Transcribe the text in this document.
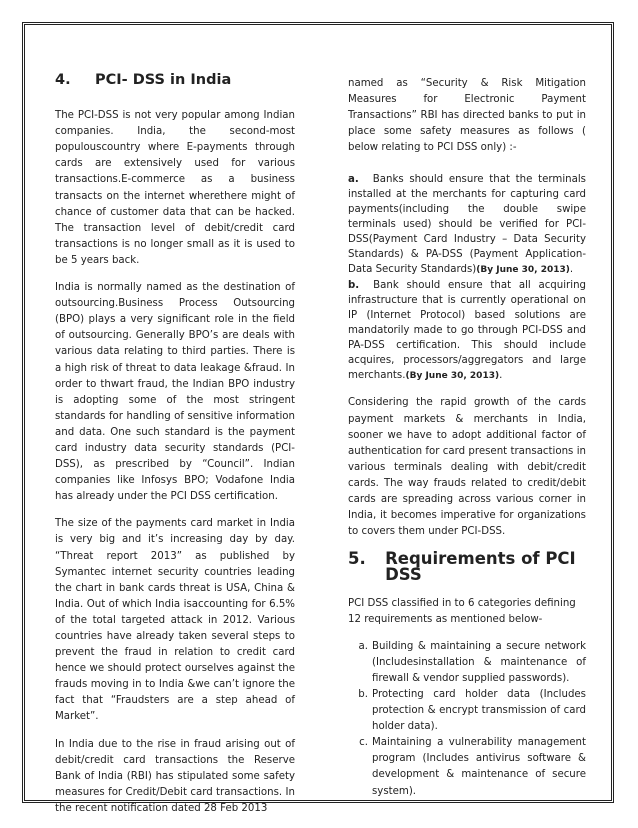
4.	PCI- DSS in India

The PCI-DSS is not very popular among Indian companies. India, the second-most populouscountry where E-payments through cards are extensively used for various transactions.E-commerce as a business transacts on the internet wherethere might of chance of customer data that can be hacked. The transaction level of debit/credit card transactions is no longer small as it is used to be 5 years back.

India is normally named as the destination of outsourcing.Business Process Outsourcing (BPO) plays a very significant role in the field of outsourcing. Generally BPO’s are deals with various data relating to third parties. There is a high risk of threat to data leakage &fraud. In order to thwart fraud, the Indian BPO industry is adopting some of the most stringent standards for handling of sensitive information and data. One such standard is the payment card industry data security standards (PCI-DSS), as prescribed by “Council”. Indian companies like Infosys BPO; Vodafone India has already under the PCI DSS certification.

The size of the payments card market in India is very big and it’s increasing day by day. “Threat report 2013” as published by Symantec internet security countries leading the chart in bank cards threat is USA, China & India. Out of which India isaccounting for 6.5% of the total targeted attack in 2012. Various countries have already taken several steps to prevent the fraud in relation to credit card hence we should protect ourselves against the frauds moving in to India &we can’t ignore the fact that “Fraudsters are a step ahead of Market”.

In India due to the rise in fraud arising out of debit/credit card transactions the Reserve Bank of India (RBI) has stipulated some safety measures for Credit/Debit card transactions. In the recent notification dated 28 Feb 2013

named as “Security & Risk Mitigation Measures for Electronic Payment Transactions” RBI has directed banks to put in place some safety measures as follows ( below relating to PCI DSS only) :-

a. Banks should ensure that the terminals installed at the merchants for capturing card payments(including the double swipe terminals used) should be verified for PCI-DSS(Payment Card Industry – Data Security Standards) & PA-DSS (Payment Application-Data Security Standards)(By June 30, 2013).

b. Bank should ensure that all acquiring infrastructure that is currently operational on IP (Internet Protocol) based solutions are mandatorily made to go through PCI-DSS and PA-DSS certification. This should include acquires, processors/aggregators and large merchants.(By June 30, 2013).

Considering the rapid growth of the cards payment markets & merchants in India, sooner we have to adopt additional factor of authentication for card present transactions in various terminals dealing with debit/credit cards. The way frauds related to credit/debit cards are spreading across various corner in India, it becomes imperative for organizations to covers them under PCI-DSS.

5.	Requirements of PCI DSS

PCI DSS classified in to 6 categories defining 12 requirements as mentioned below-

a. Building & maintaining a secure network (Includesinstallation & maintenance of firewall & vendor supplied passwords).
b. Protecting card holder data (Includes protection & encrypt transmission of card holder data).
c. Maintaining a vulnerability management program (Includes antivirus software & development & maintenance of secure system).
